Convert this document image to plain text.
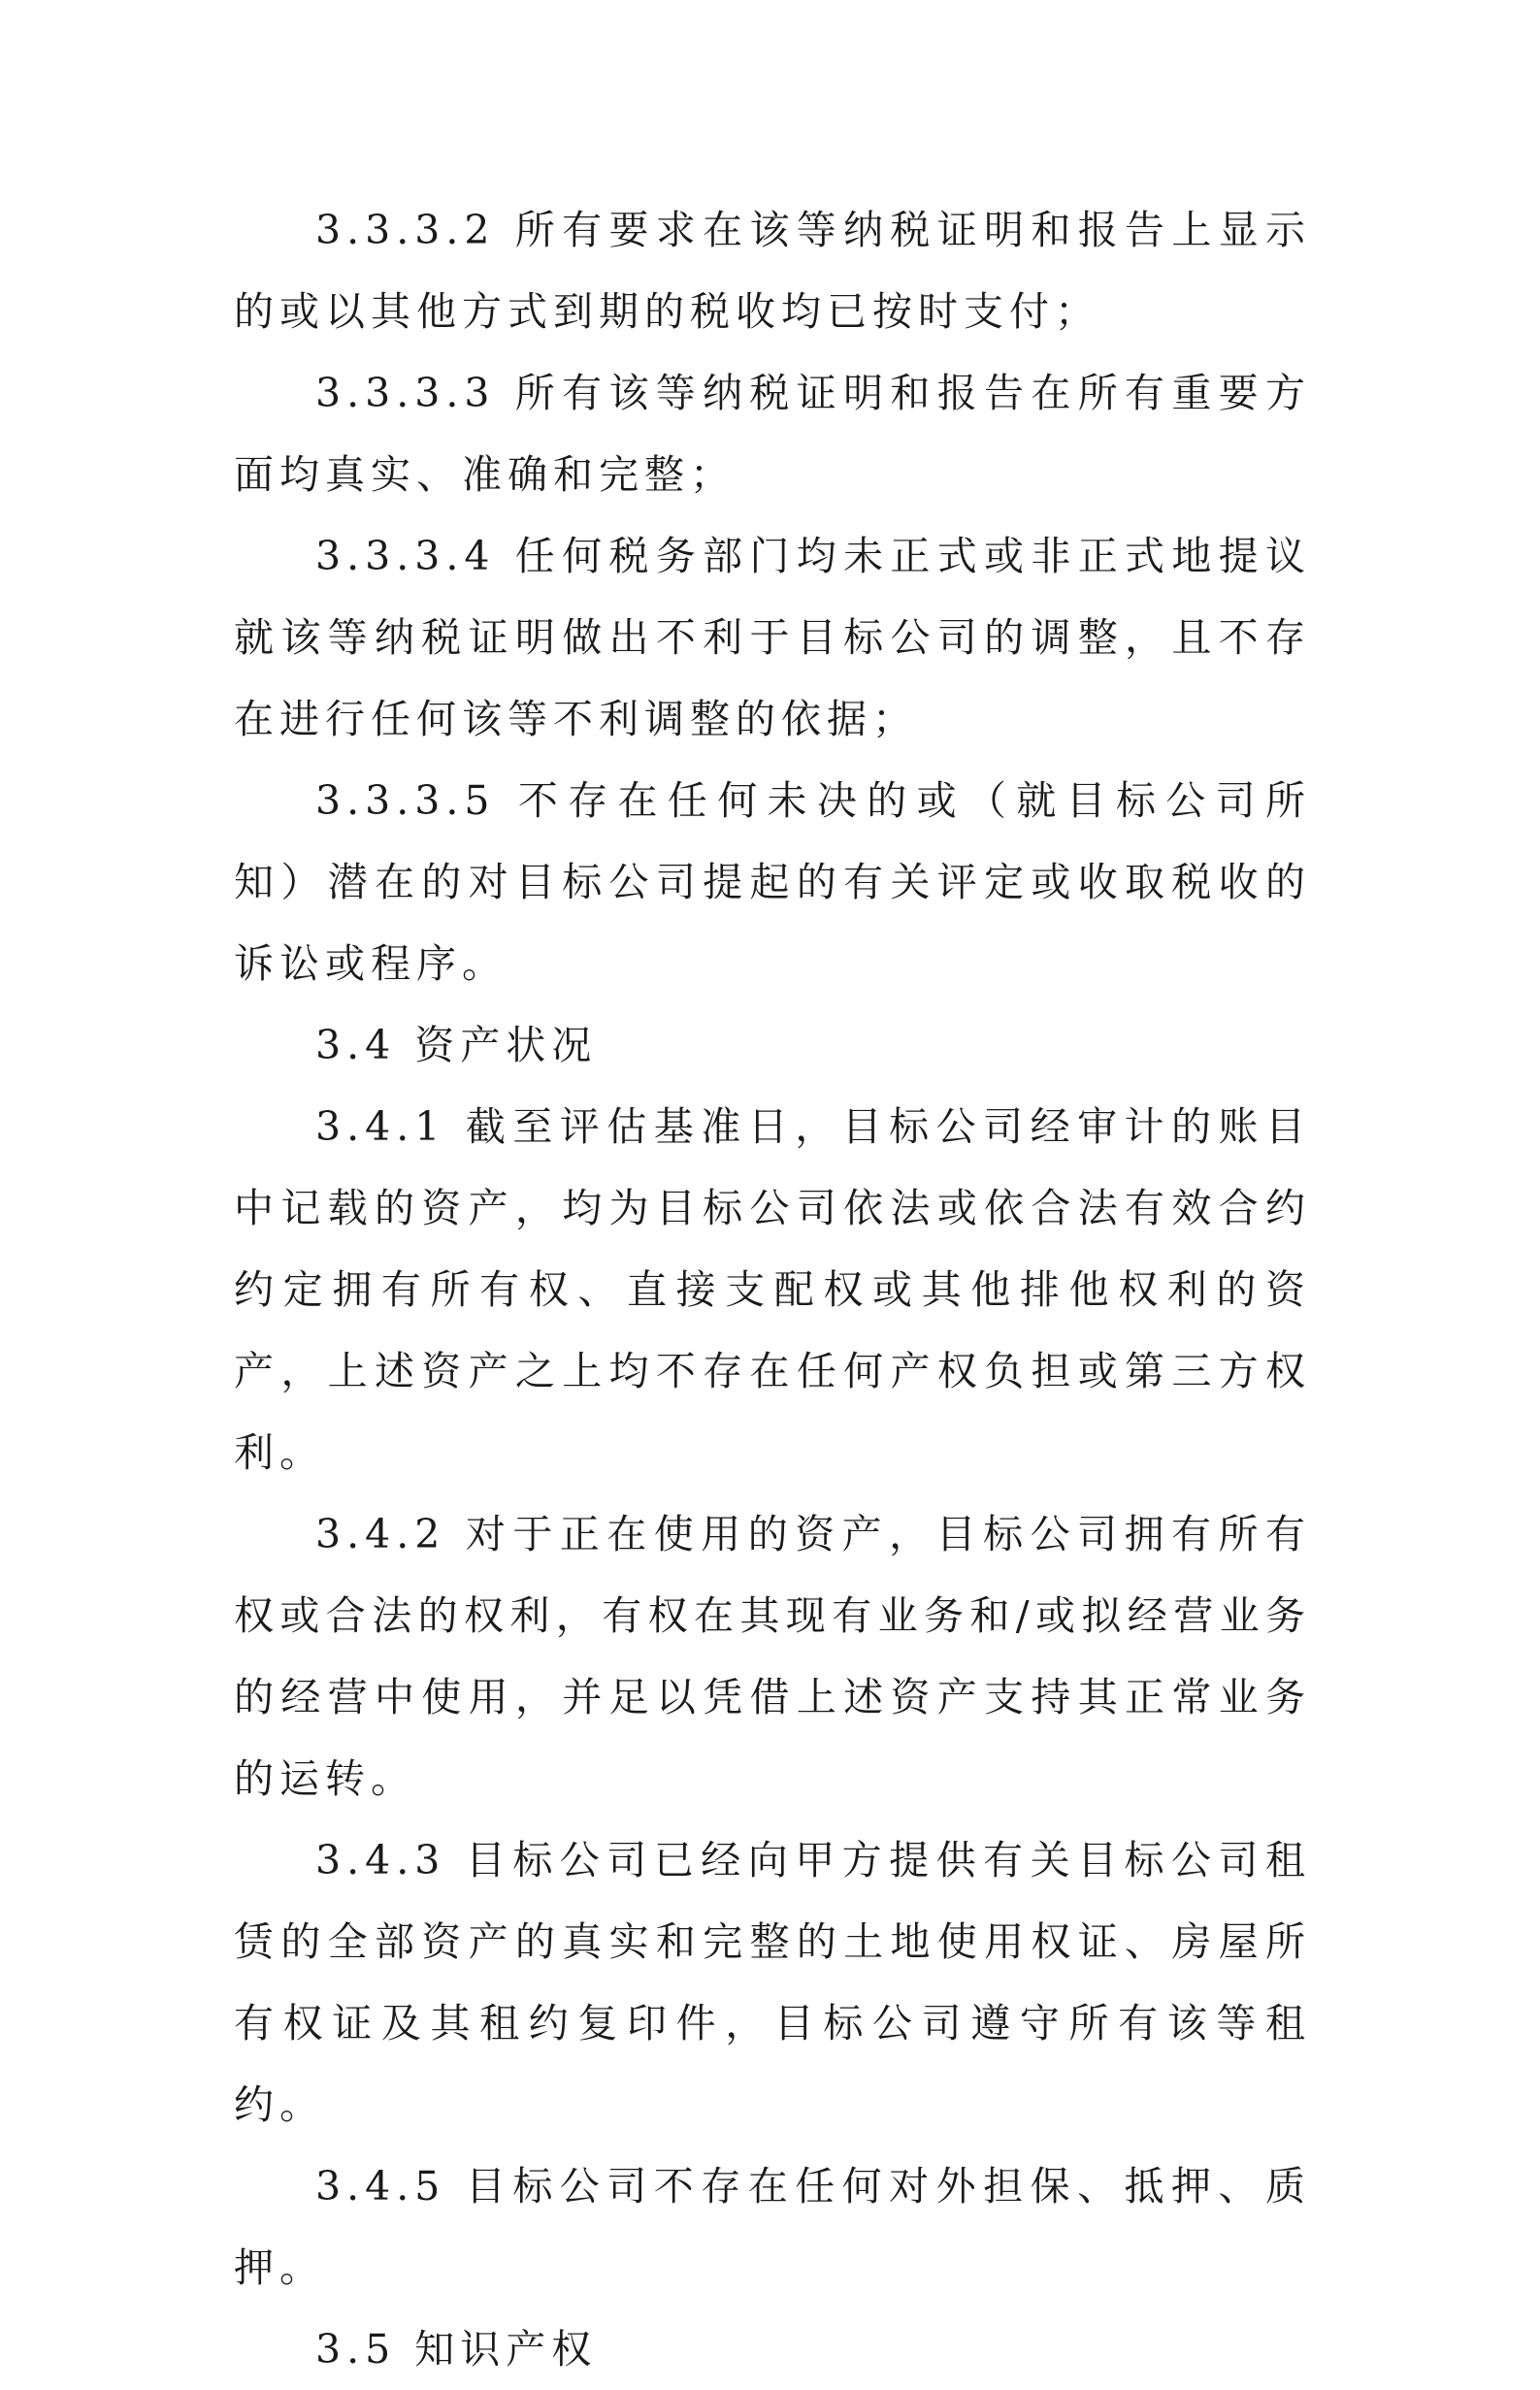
3.3.3.2 所有要求在该等纳税证明和报告上显示的或以其他方式到期的税收均已按时支付；

3.3.3.3 所有该等纳税证明和报告在所有重要方面均真实、准确和完整；

3.3.3.4 任何税务部门均未正式或非正式地提议就该等纳税证明做出不利于目标公司的调整，且不存在进行任何该等不利调整的依据；

3.3.3.5 不存在任何未决的或（就目标公司所知）潜在的对目标公司提起的有关评定或收取税收的诉讼或程序。

3.4 资产状况

3.4.1 截至评估基准日，目标公司经审计的账目中记载的资产，均为目标公司依法或依合法有效合约约定拥有所有权、直接支配权或其他排他权利的资产，上述资产之上均不存在任何产权负担或第三方权利。

3.4.2 对于正在使用的资产，目标公司拥有所有权或合法的权利，有权在其现有业务和/或拟经营业务的经营中使用，并足以凭借上述资产支持其正常业务的运转。

3.4.3 目标公司已经向甲方提供有关目标公司租赁的全部资产的真实和完整的土地使用权证、房屋所有权证及其租约复印件，目标公司遵守所有该等租约。

3.4.5 目标公司不存在任何对外担保、抵押、质押。

3.5 知识产权
